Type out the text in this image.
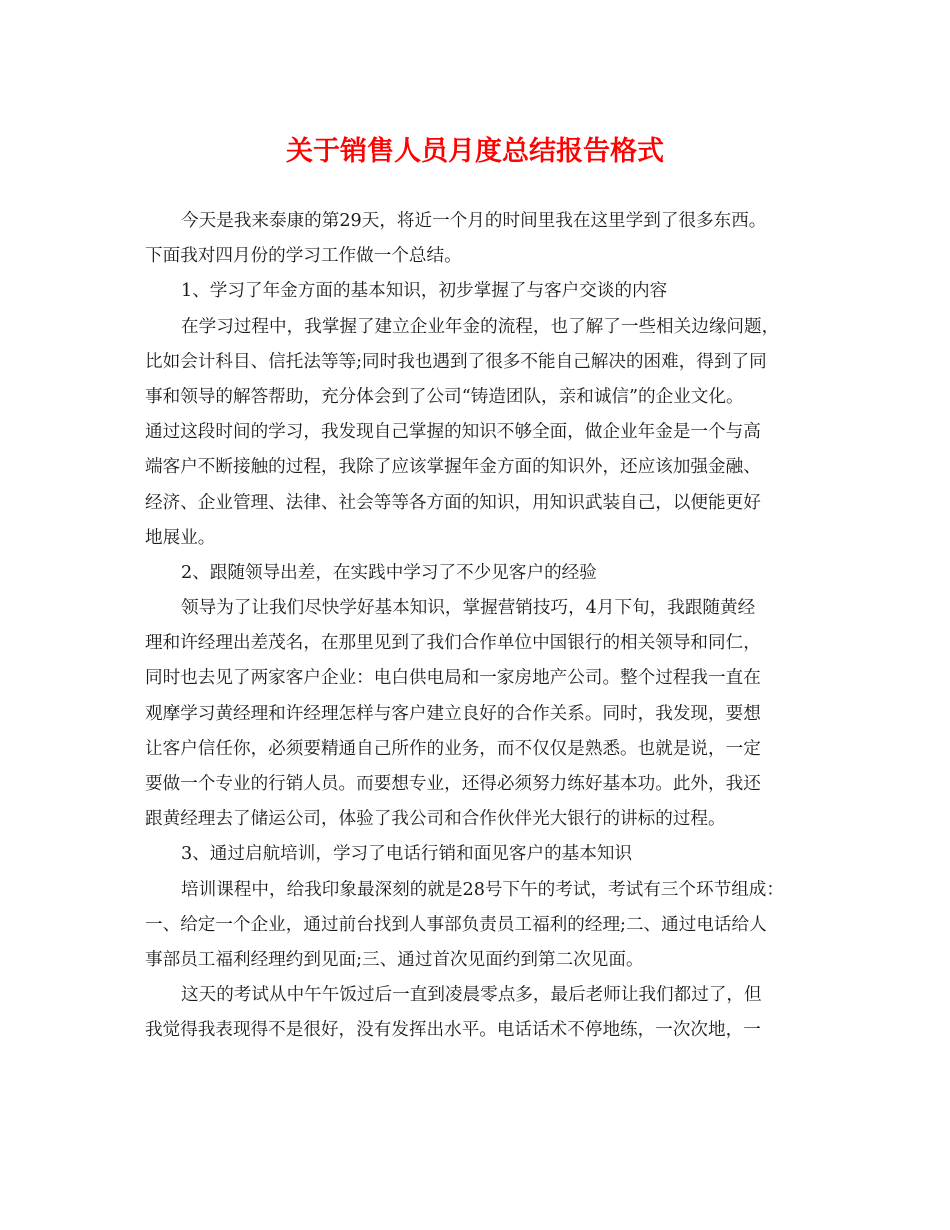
关于销售人员月度总结报告格式
今天是我来泰康的第29天，将近一个月的时间里我在这里学到了很多东西。
下面我对四月份的学习工作做一个总结。
1、学习了年金方面的基本知识，初步掌握了与客户交谈的内容
在学习过程中，我掌握了建立企业年金的流程，也了解了一些相关边缘问题，
比如会计科目、信托法等等;同时我也遇到了很多不能自己解决的困难，得到了同
事和领导的解答帮助，充分体会到了公司“铸造团队，亲和诚信”的企业文化。
通过这段时间的学习，我发现自己掌握的知识不够全面，做企业年金是一个与高
端客户不断接触的过程，我除了应该掌握年金方面的知识外，还应该加强金融、
经济、企业管理、法律、社会等等各方面的知识，用知识武装自己，以便能更好
地展业。
2、跟随领导出差，在实践中学习了不少见客户的经验
领导为了让我们尽快学好基本知识，掌握营销技巧，4月下旬，我跟随黄经
理和许经理出差茂名，在那里见到了我们合作单位中国银行的相关领导和同仁，
同时也去见了两家客户企业：电白供电局和一家房地产公司。整个过程我一直在
观摩学习黄经理和许经理怎样与客户建立良好的合作关系。同时，我发现，要想
让客户信任你，必须要精通自己所作的业务，而不仅仅是熟悉。也就是说，一定
要做一个专业的行销人员。而要想专业，还得必须努力练好基本功。此外，我还
跟黄经理去了储运公司，体验了我公司和合作伙伴光大银行的讲标的过程。
3、通过启航培训，学习了电话行销和面见客户的基本知识
培训课程中，给我印象最深刻的就是28号下午的考试，考试有三个环节组成：
一、给定一个企业，通过前台找到人事部负责员工福利的经理;二、通过电话给人
事部员工福利经理约到见面;三、通过首次见面约到第二次见面。
这天的考试从中午午饭过后一直到凌晨零点多，最后老师让我们都过了，但
我觉得我表现得不是很好，没有发挥出水平。电话话术不停地练，一次次地，一
